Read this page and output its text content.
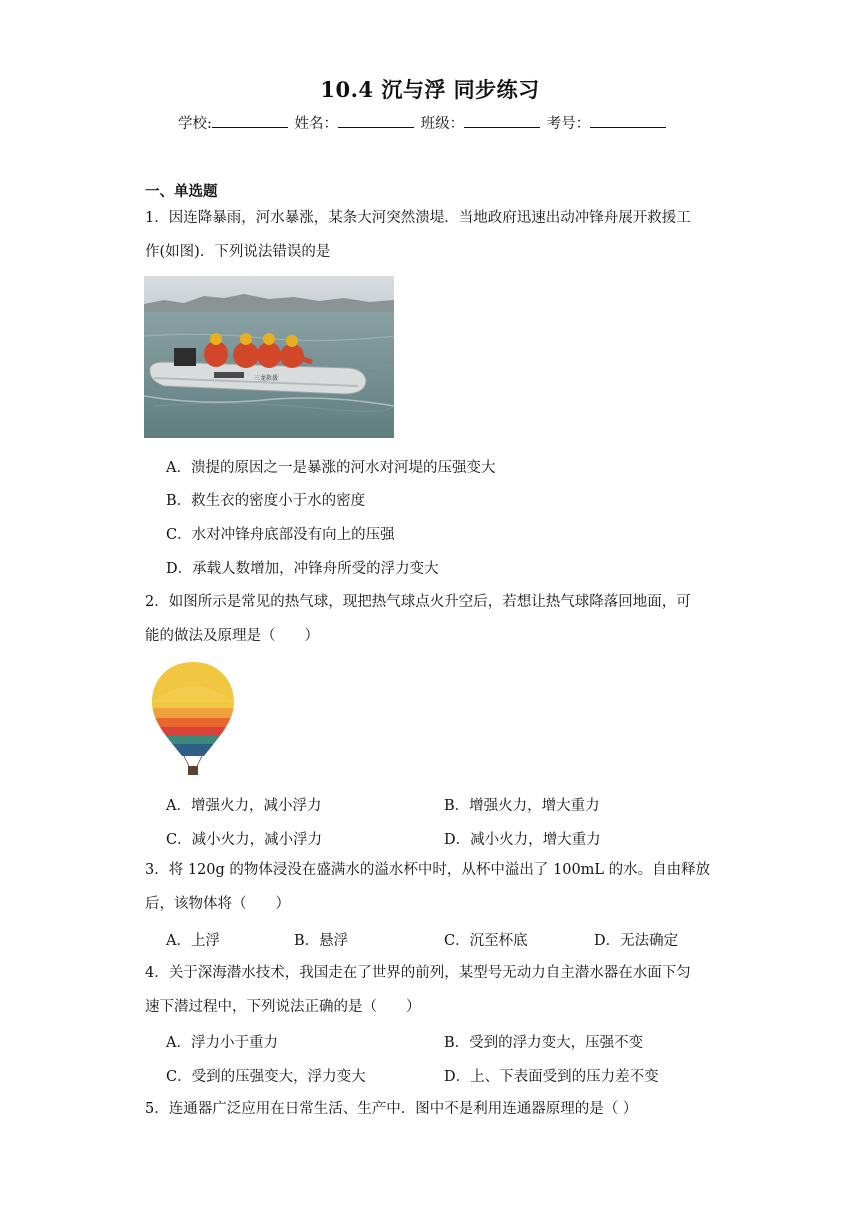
10.4 沉与浮 同步练习
学校:	姓名：	班级：	考号：
一、单选题
1．因连降暴雨，河水暴涨，某条大河突然溃堤．当地政府迅速出动冲锋舟展开救援工
作(如图)．下列说法错误的是
三龙救援
A．溃提的原因之一是暴涨的河水对河堤的压强变大
B．救生衣的密度小于水的密度
C．水对冲锋舟底部没有向上的压强
D．承载人数增加，冲锋舟所受的浮力变大
2．如图所示是常见的热气球，现把热气球点火升空后，若想让热气球降落回地面，可
能的做法及原理是（　　）
A．增强火力，减小浮力	B．增强火力，增大重力
C．减小火力，减小浮力	D．减小火力，增大重力
3．将 120g 的物体浸没在盛满水的溢水杯中时，从杯中溢出了 100mL 的水。自由释放
后，该物体将（　　）
A．上浮	B．悬浮	C．沉至杯底	D．无法确定
4．关于深海潜水技术，我国走在了世界的前列，某型号无动力自主潜水器在水面下匀
速下潜过程中，下列说法正确的是（　　）
A．浮力小于重力	B．受到的浮力变大，压强不变
C．受到的压强变大，浮力变大	D．上、下表面受到的压力差不变
5．连通器广泛应用在日常生活、生产中．图中不是利用连通器原理的是（ ）
